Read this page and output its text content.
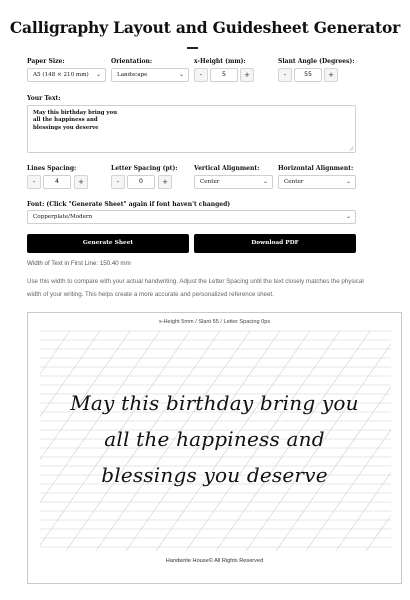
Calligraphy Layout and Guidesheet Generator
Paper Size:
A5 (148 × 210 mm) ⌄
Orientation:
Landscape	⌄
x-Height (mm):
-	5	+
Slant Angle (Degrees):
-	55	+
Your Text:
May this birthday bring you
all the happiness and
blessings you deserve
Lines Spacing:
-	4	+
Letter Spacing (pt):
-	0	+
Vertical Alignment:
Center	⌄
Horizontal Alignment:
Center	⌄
Font: (Click "Generate Sheet" again if font haven't changed)
Copperplate/Modern	⌄
Generate Sheet	Download PDF
Width of Text in First Line: 150.40 mm
Use this width to compare with your actual handwriting. Adjust the Letter Spacing until the text closely matches the physical width of your writing. This helps create a more accurate and personalized reference sheet.
x-Height 5mm / Slant 55 / Letter Spacing 0px
May this birthday bring you
all the happiness and
blessings you deserve
Handwrite House© All Rights Reserved
